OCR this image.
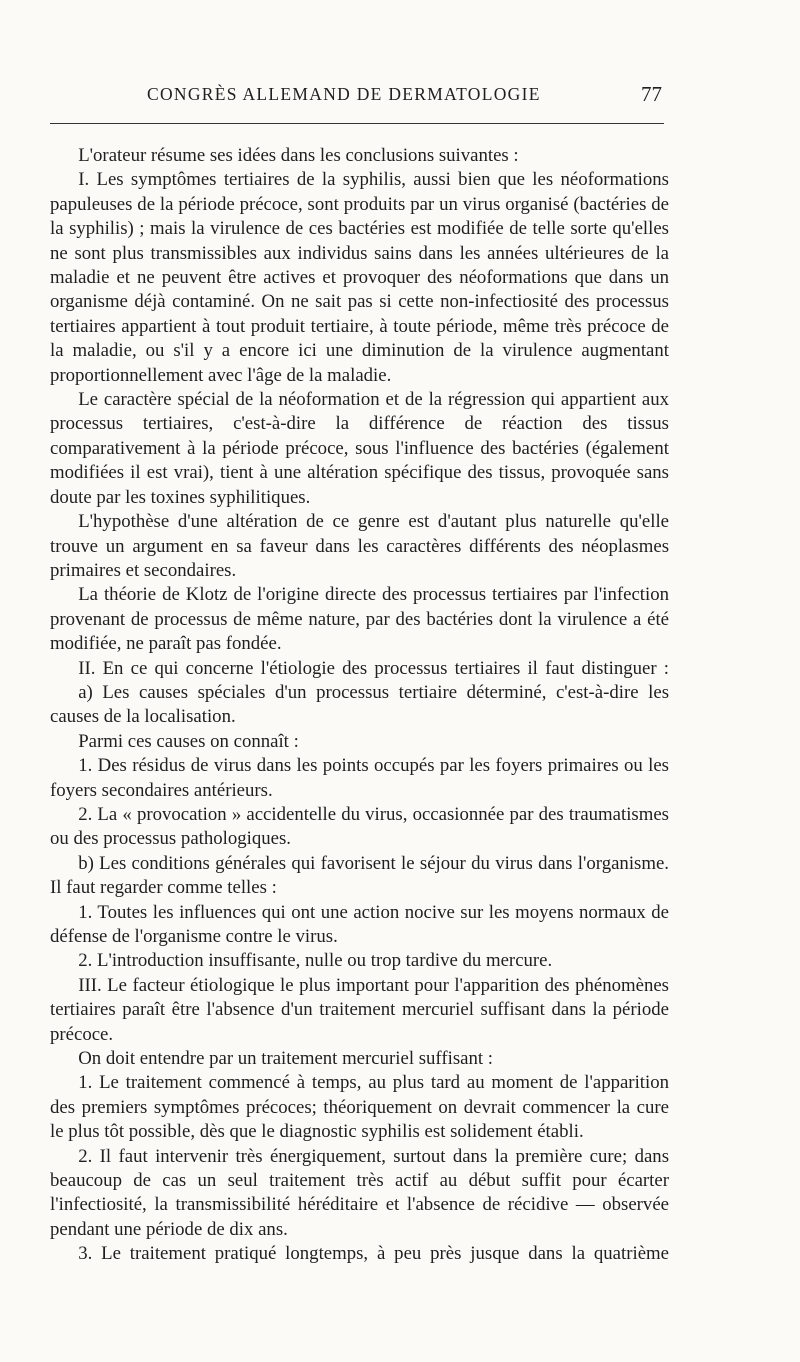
CONGRÈS ALLEMAND DE DERMATOLOGIE	77

L'orateur résume ses idées dans les conclusions suivantes :

I. Les symptômes tertiaires de la syphilis, aussi bien que les néoformations papuleuses de la période précoce, sont produits par un virus organisé (bactéries de la syphilis) ; mais la virulence de ces bactéries est modifiée de telle sorte qu'elles ne sont plus transmissibles aux individus sains dans les années ultérieures de la maladie et ne peuvent être actives et provoquer des néoformations que dans un organisme déjà contaminé. On ne sait pas si cette non-infectiosité des processus tertiaires appartient à tout produit tertiaire, à toute période, même très précoce de la maladie, ou s'il y a encore ici une diminution de la virulence augmentant proportionnellement avec l'âge de la maladie.

Le caractère spécial de la néoformation et de la régression qui appartient aux processus tertiaires, c'est-à-dire la différence de réaction des tissus comparativement à la période précoce, sous l'influence des bactéries (également modifiées il est vrai), tient à une altération spécifique des tissus, provoquée sans doute par les toxines syphilitiques.

L'hypothèse d'une altération de ce genre est d'autant plus naturelle qu'elle trouve un argument en sa faveur dans les caractères différents des néoplasmes primaires et secondaires.

La théorie de Klotz de l'origine directe des processus tertiaires par l'infection provenant de processus de même nature, par des bactéries dont la virulence a été modifiée, ne paraît pas fondée.

II. En ce qui concerne l'étiologie des processus tertiaires il faut distinguer :

a) Les causes spéciales d'un processus tertiaire déterminé, c'est-à-dire les causes de la localisation.

Parmi ces causes on connaît :

1. Des résidus de virus dans les points occupés par les foyers primaires ou les foyers secondaires antérieurs.

2. La « provocation » accidentelle du virus, occasionnée par des traumatismes ou des processus pathologiques.

b) Les conditions générales qui favorisent le séjour du virus dans l'organisme. Il faut regarder comme telles :

1. Toutes les influences qui ont une action nocive sur les moyens normaux de défense de l'organisme contre le virus.

2. L'introduction insuffisante, nulle ou trop tardive du mercure.

III. Le facteur étiologique le plus important pour l'apparition des phénomènes tertiaires paraît être l'absence d'un traitement mercuriel suffisant dans la période précoce.

On doit entendre par un traitement mercuriel suffisant :

1. Le traitement commencé à temps, au plus tard au moment de l'apparition des premiers symptômes précoces; théoriquement on devrait commencer la cure le plus tôt possible, dès que le diagnostic syphilis est solidement établi.

2. Il faut intervenir très énergiquement, surtout dans la première cure; dans beaucoup de cas un seul traitement très actif au début suffit pour écarter l'infectiosité, la transmissibilité héréditaire et l'absence de récidive — observée pendant une période de dix ans.

3. Le traitement pratiqué longtemps, à peu près jusque dans la quatrième
